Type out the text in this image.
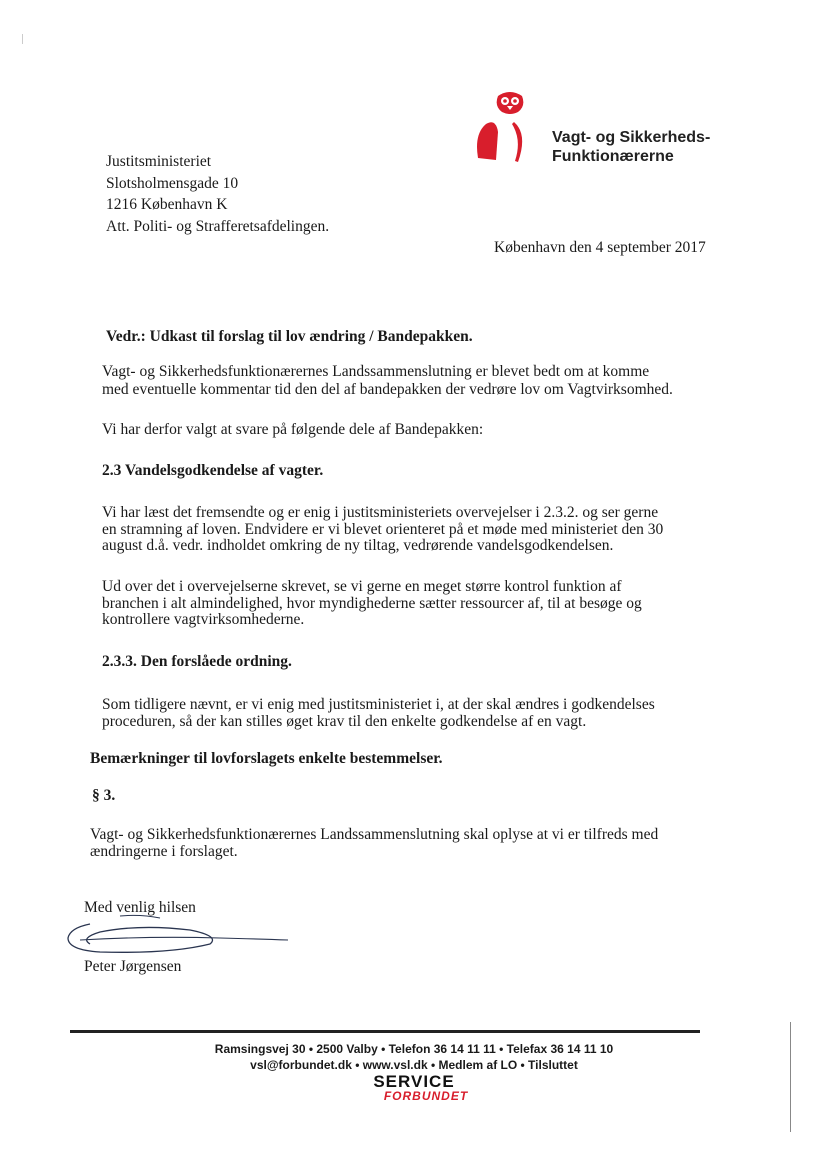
Vagt- og Sikkerheds-
Funktionærerne
Justitsministeriet
Slotsholmensgade 10
1216 København K
Att. Politi- og Strafferetsafdelingen.
København den 4 september 2017
Vedr.: Udkast til forslag til lov ændring / Bandepakken.
Vagt- og Sikkerhedsfunktionærernes Landssammenslutning er blevet bedt om at komme
med eventuelle kommentar tid den del af bandepakken der vedrøre lov om Vagtvirksomhed.
Vi har derfor valgt at svare på følgende dele af Bandepakken:
2.3 Vandelsgodkendelse af vagter.
Vi har læst det fremsendte og er enig i justitsministeriets overvejelser i 2.3.2. og ser gerne
en stramning af loven. Endvidere er vi blevet orienteret på et møde med ministeriet den 30
august d.å. vedr. indholdet omkring de ny tiltag, vedrørende vandelsgodkendelsen.
Ud over det i overvejelserne skrevet, se vi gerne en meget større kontrol funktion af
branchen i alt almindelighed, hvor myndighederne sætter ressourcer af, til at besøge og
kontrollere vagtvirksomhederne.
2.3.3. Den forslåede ordning.
Som tidligere nævnt, er vi enig med justitsministeriet i, at der skal ændres i godkendelses
proceduren, så der kan stilles øget krav til den enkelte godkendelse af en vagt.
Bemærkninger til lovforslagets enkelte bestemmelser.
§ 3.
Vagt- og Sikkerhedsfunktionærernes Landssammenslutning skal oplyse at vi er tilfreds med
ændringerne i forslaget.
Med venlig hilsen
Peter Jørgensen
Ramsingsvej 30 • 2500 Valby • Telefon 36 14 11 11 • Telefax 36 14 11 10
vsl@forbundet.dk • www.vsl.dk • Medlem af LO • Tilsluttet
SERVICE
FORBUNDET
